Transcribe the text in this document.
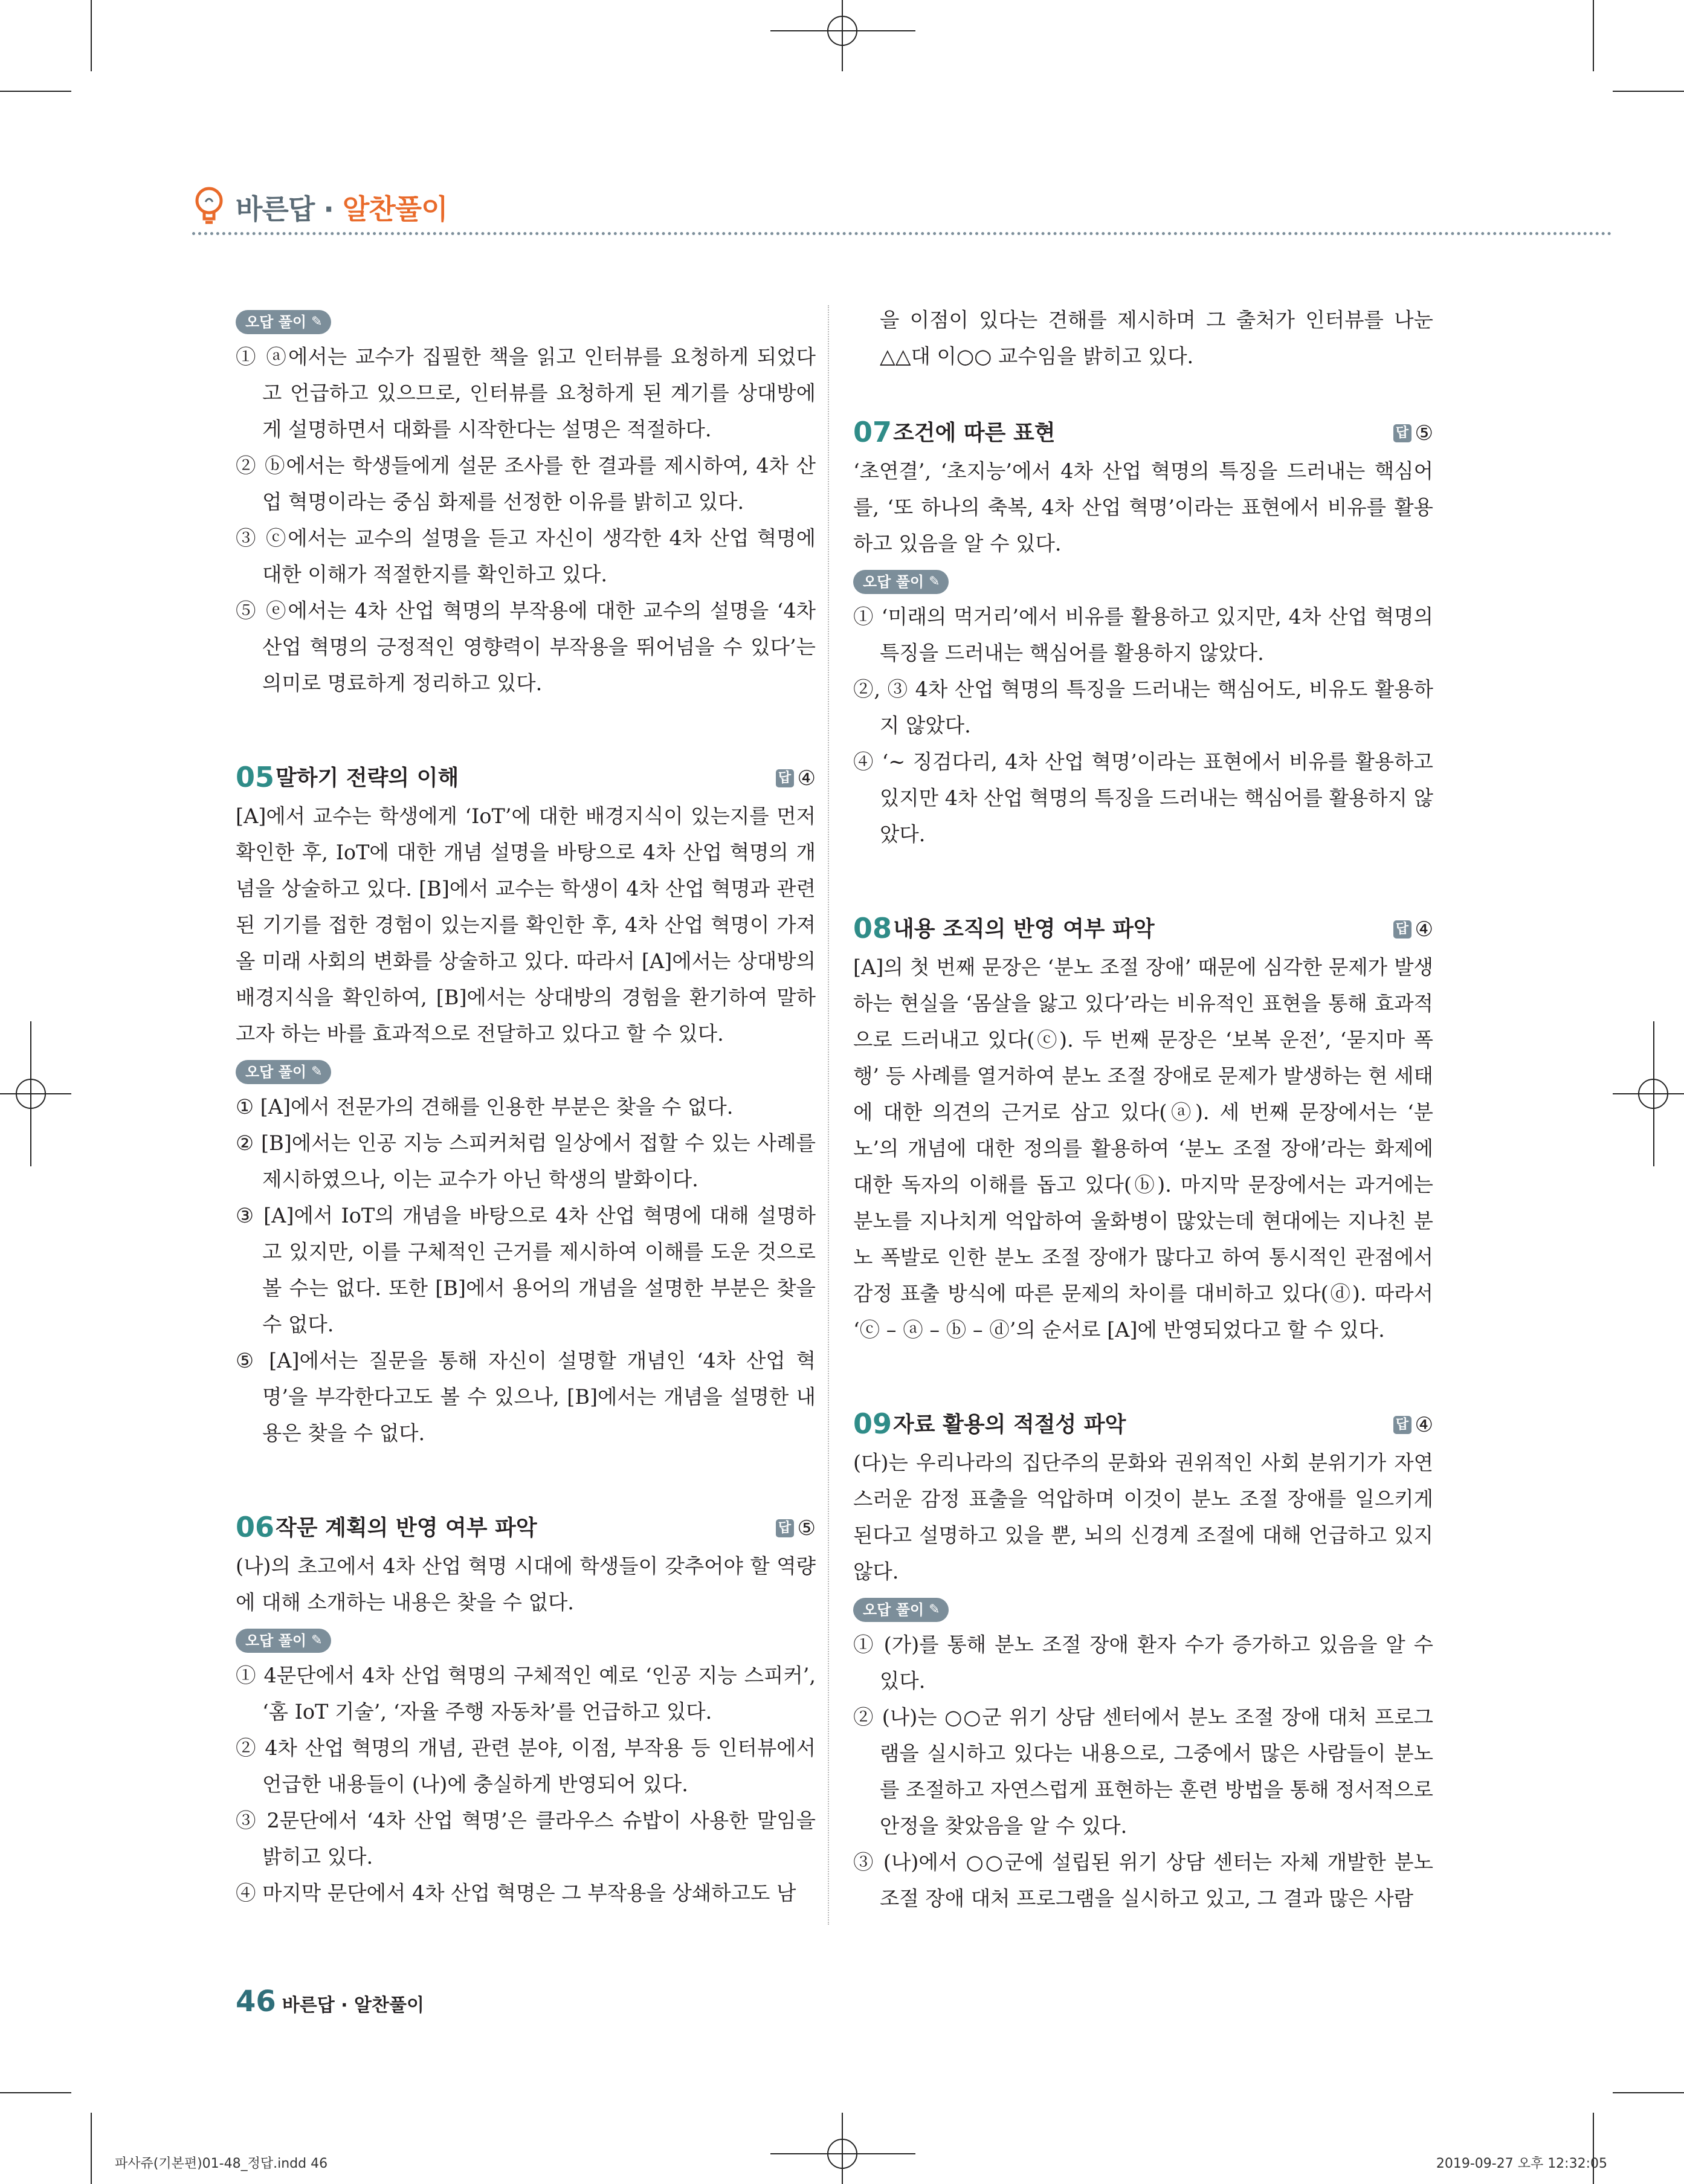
바른답 · 알찬풀이
오답 풀이 ✎

① ⓐ에서는 교수가 집필한 책을 읽고 인터뷰를 요청하게 되었다고 언급하고 있으므로, 인터뷰를 요청하게 된 계기를 상대방에게 설명하면서 대화를 시작한다는 설명은 적절하다.

② ⓑ에서는 학생들에게 설문 조사를 한 결과를 제시하여, 4차 산업 혁명이라는 중심 화제를 선정한 이유를 밝히고 있다.

③ ⓒ에서는 교수의 설명을 듣고 자신이 생각한 4차 산업 혁명에 대한 이해가 적절한지를 확인하고 있다.

⑤ ⓔ에서는 4차 산업 혁명의 부작용에 대한 교수의 설명을 ‘4차 산업 혁명의 긍정적인 영향력이 부작용을 뛰어넘을 수 있다’는 의미로 명료하게 정리하고 있다.

05 말하기 전략의 이해	답 ④

[A]에서 교수는 학생에게 ‘IoT’에 대한 배경지식이 있는지를 먼저 확인한 후, IoT에 대한 개념 설명을 바탕으로 4차 산업 혁명의 개념을 상술하고 있다. [B]에서 교수는 학생이 4차 산업 혁명과 관련된 기기를 접한 경험이 있는지를 확인한 후, 4차 산업 혁명이 가져올 미래 사회의 변화를 상술하고 있다. 따라서 [A]에서는 상대방의 배경지식을 확인하여, [B]에서는 상대방의 경험을 환기하여 말하고자 하는 바를 효과적으로 전달하고 있다고 할 수 있다.

오답 풀이 ✎

① [A]에서 전문가의 견해를 인용한 부분은 찾을 수 없다.

② [B]에서는 인공 지능 스피커처럼 일상에서 접할 수 있는 사례를 제시하였으나, 이는 교수가 아닌 학생의 발화이다.

③ [A]에서 IoT의 개념을 바탕으로 4차 산업 혁명에 대해 설명하고 있지만, 이를 구체적인 근거를 제시하여 이해를 도운 것으로 볼 수는 없다. 또한 [B]에서 용어의 개념을 설명한 부분은 찾을 수 없다.

⑤ [A]에서는 질문을 통해 자신이 설명할 개념인 ‘4차 산업 혁명’을 부각한다고도 볼 수 있으나, [B]에서는 개념을 설명한 내용은 찾을 수 없다.

06 작문 계획의 반영 여부 파악	답 ⑤

(나)의 초고에서 4차 산업 혁명 시대에 학생들이 갖추어야 할 역량에 대해 소개하는 내용은 찾을 수 없다.

오답 풀이 ✎

① 4문단에서 4차 산업 혁명의 구체적인 예로 ‘인공 지능 스피커’, ‘홈 IoT 기술’, ‘자율 주행 자동차’를 언급하고 있다.

② 4차 산업 혁명의 개념, 관련 분야, 이점, 부작용 등 인터뷰에서 언급한 내용들이 (나)에 충실하게 반영되어 있다.

③ 2문단에서 ‘4차 산업 혁명’은 클라우스 슈밥이 사용한 말임을 밝히고 있다.

④ 마지막 문단에서 4차 산업 혁명은 그 부작용을 상쇄하고도 남

을 이점이 있다는 견해를 제시하며 그 출처가 인터뷰를 나눈 △△대 이○○ 교수임을 밝히고 있다.

07 조건에 따른 표현	답 ⑤

‘초연결’, ‘초지능’에서 4차 산업 혁명의 특징을 드러내는 핵심어를, ‘또 하나의 축복, 4차 산업 혁명’이라는 표현에서 비유를 활용하고 있음을 알 수 있다.

오답 풀이 ✎

① ‘미래의 먹거리’에서 비유를 활용하고 있지만, 4차 산업 혁명의 특징을 드러내는 핵심어를 활용하지 않았다.

②, ③ 4차 산업 혁명의 특징을 드러내는 핵심어도, 비유도 활용하지 않았다.

④ ‘~ 징검다리, 4차 산업 혁명’이라는 표현에서 비유를 활용하고 있지만 4차 산업 혁명의 특징을 드러내는 핵심어를 활용하지 않았다.

08 내용 조직의 반영 여부 파악	답 ④

[A]의 첫 번째 문장은 ‘분노 조절 장애’ 때문에 심각한 문제가 발생하는 현실을 ‘몸살을 앓고 있다’라는 비유적인 표현을 통해 효과적으로 드러내고 있다(ⓒ). 두 번째 문장은 ‘보복 운전’, ‘묻지마 폭행’ 등 사례를 열거하여 분노 조절 장애로 문제가 발생하는 현 세태에 대한 의견의 근거로 삼고 있다(ⓐ). 세 번째 문장에서는 ‘분노’의 개념에 대한 정의를 활용하여 ‘분노 조절 장애’라는 화제에 대한 독자의 이해를 돕고 있다(ⓑ). 마지막 문장에서는 과거에는 분노를 지나치게 억압하여 울화병이 많았는데 현대에는 지나친 분노 폭발로 인한 분노 조절 장애가 많다고 하여 통시적인 관점에서 감정 표출 방식에 따른 문제의 차이를 대비하고 있다(ⓓ). 따라서 ‘ⓒ – ⓐ – ⓑ – ⓓ’의 순서로 [A]에 반영되었다고 할 수 있다.

09 자료 활용의 적절성 파악	답 ④

(다)는 우리나라의 집단주의 문화와 권위적인 사회 분위기가 자연스러운 감정 표출을 억압하며 이것이 분노 조절 장애를 일으키게 된다고 설명하고 있을 뿐, 뇌의 신경계 조절에 대해 언급하고 있지 않다.

오답 풀이 ✎

① (가)를 통해 분노 조절 장애 환자 수가 증가하고 있음을 알 수 있다.

② (나)는 ○○군 위기 상담 센터에서 분노 조절 장애 대처 프로그램을 실시하고 있다는 내용으로, 그중에서 많은 사람들이 분노를 조절하고 자연스럽게 표현하는 훈련 방법을 통해 정서적으로 안정을 찾았음을 알 수 있다.

③ (나)에서 ○○군에 설립된 위기 상담 센터는 자체 개발한 분노 조절 장애 대처 프로그램을 실시하고 있고, 그 결과 많은 사람

46 바른답 · 알찬풀이
파사쥬(기본편)01-48_정답.indd 46	2019-09-27 오후 12:32:05
